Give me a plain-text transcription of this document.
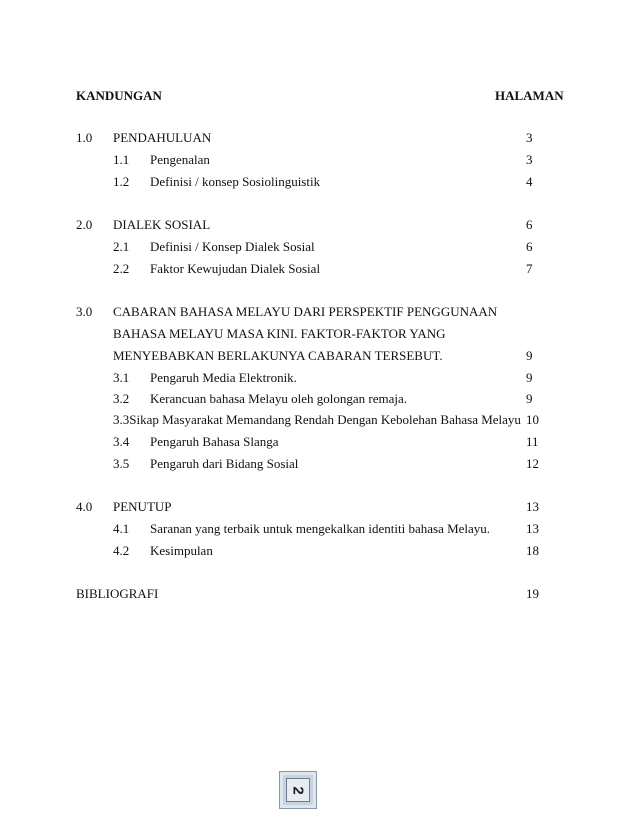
KANDUNGAN	HALAMAN
1.0 PENDAHULUAN	3
1.1 Pengenalan	3
1.2 Definisi / konsep Sosiolinguistik	4
2.0 DIALEK SOSIAL	6
2.1 Definisi / Konsep Dialek Sosial	6
2.2 Faktor Kewujudan Dialek Sosial	7
3.0 CABARAN BAHASA MELAYU DARI PERSPEKTIF PENGGUNAAN
BAHASA MELAYU MASA KINI. FAKTOR-FAKTOR YANG
MENYEBABKAN BERLAKUNYA CABARAN TERSEBUT.	9
3.1 Pengaruh Media Elektronik.	9
3.2 Kerancuan bahasa Melayu oleh golongan remaja.	9
3.3Sikap Masyarakat Memandang Rendah Dengan Kebolehan Bahasa Melayu 10
3.4 Pengaruh Bahasa Slanga	11
3.5 Pengaruh dari Bidang Sosial	12
4.0 PENUTUP	13
4.1 Saranan yang terbaik untuk mengekalkan identiti bahasa Melayu.	13
4.2 Kesimpulan	18
BIBLIOGRAFI	19
2
